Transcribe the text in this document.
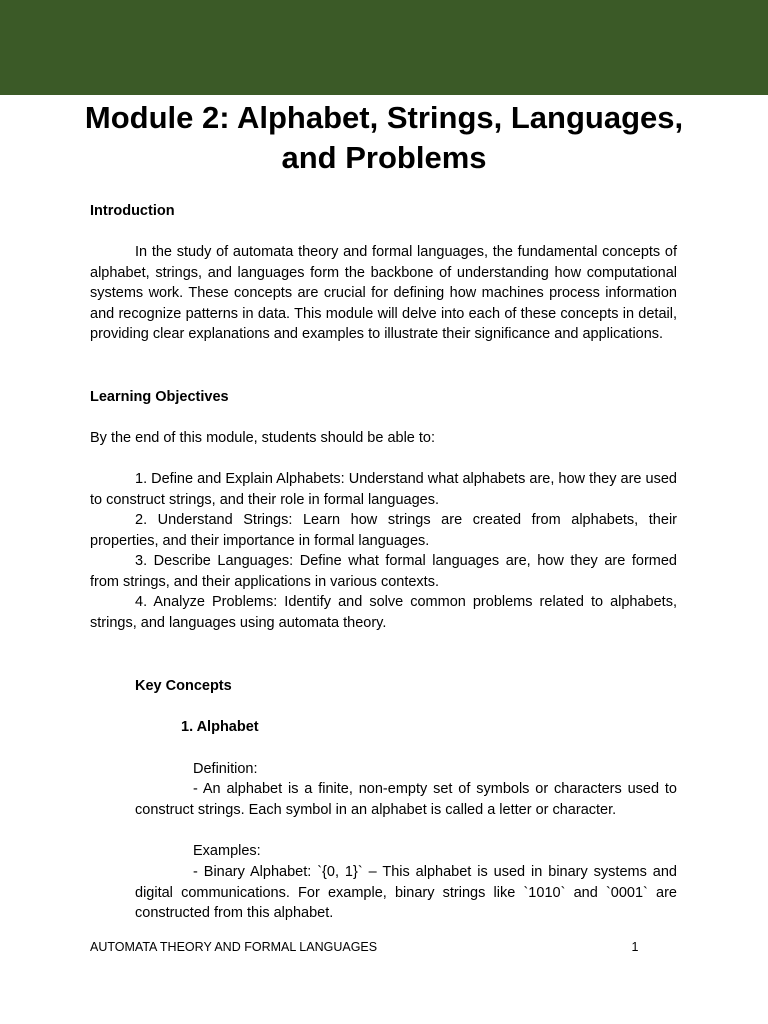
Module 2: Alphabet, Strings, Languages, and Problems

Introduction

In the study of automata theory and formal languages, the fundamental concepts of alphabet, strings, and languages form the backbone of understanding how computational systems work. These concepts are crucial for defining how machines process information and recognize patterns in data. This module will delve into each of these concepts in detail, providing clear explanations and examples to illustrate their significance and applications.

Learning Objectives

By the end of this module, students should be able to:

1. Define and Explain Alphabets: Understand what alphabets are, how they are used to construct strings, and their role in formal languages.

2. Understand Strings: Learn how strings are created from alphabets, their properties, and their importance in formal languages.

3. Describe Languages: Define what formal languages are, how they are formed from strings, and their applications in various contexts.

4. Analyze Problems: Identify and solve common problems related to alphabets, strings, and languages using automata theory.

Key Concepts

1. Alphabet

Definition:

- An alphabet is a finite, non-empty set of symbols or characters used to construct strings. Each symbol in an alphabet is called a letter or character.

Examples:

- Binary Alphabet: `{0, 1}` – This alphabet is used in binary systems and digital communications. For example, binary strings like `1010` and `0001` are constructed from this alphabet.

AUTOMATA THEORY AND FORMAL LANGUAGES	1
